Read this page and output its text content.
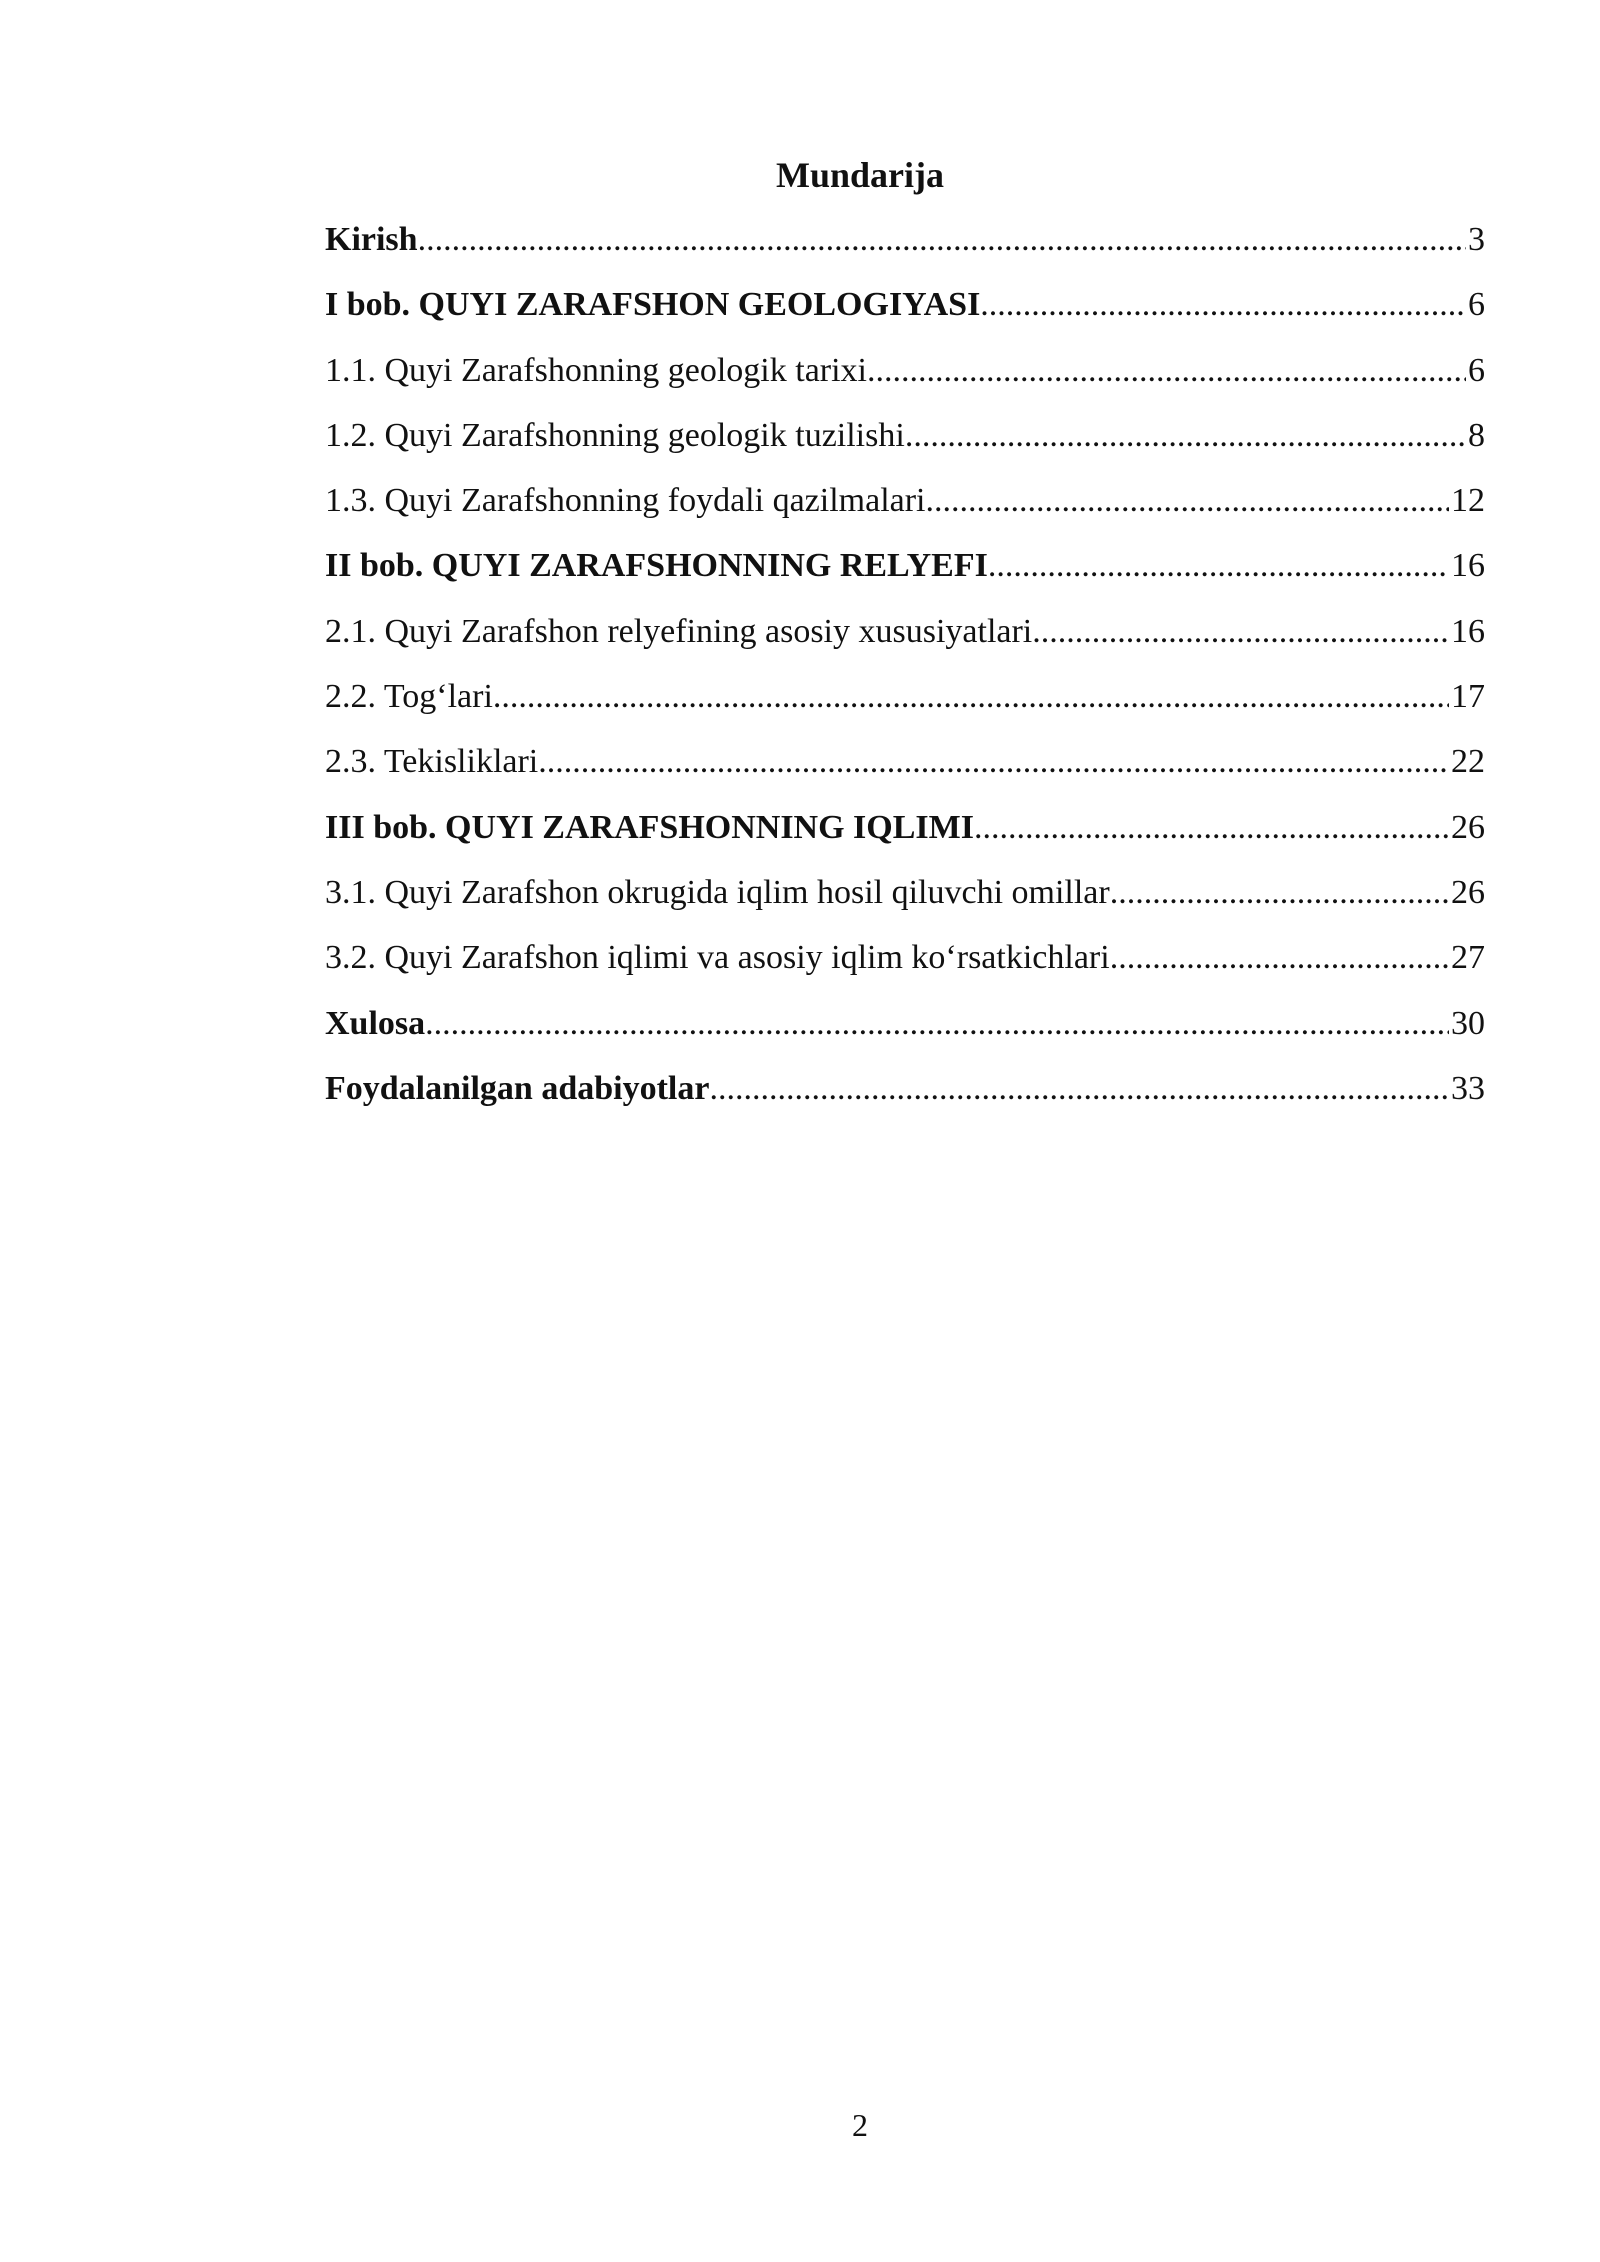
Mundarija
Kirish .....	3
I bob. QUYI ZARAFSHON GEOLOGIYASI .....	6
1.1. Quyi Zarafshonning geologik tarixi .....	6
1.2. Quyi Zarafshonning geologik tuzilishi .....	8
1.3. Quyi Zarafshonning foydali qazilmalari .....	12
II bob. QUYI ZARAFSHONNING RELYEFI .....	16
2.1. Quyi Zarafshon relyefining asosiy xususiyatlari .....	16
2.2. Tog‘lari .....	17
2.3. Tekisliklari .....	22
III bob. QUYI ZARAFSHONNING IQLIMI .....	26
3.1. Quyi Zarafshon okrugida iqlim hosil qiluvchi omillar .....	26
3.2. Quyi Zarafshon iqlimi va asosiy iqlim ko‘rsatkichlari .....	27
Xulosa .....	30
Foydalanilgan adabiyotlar .....	33
2
